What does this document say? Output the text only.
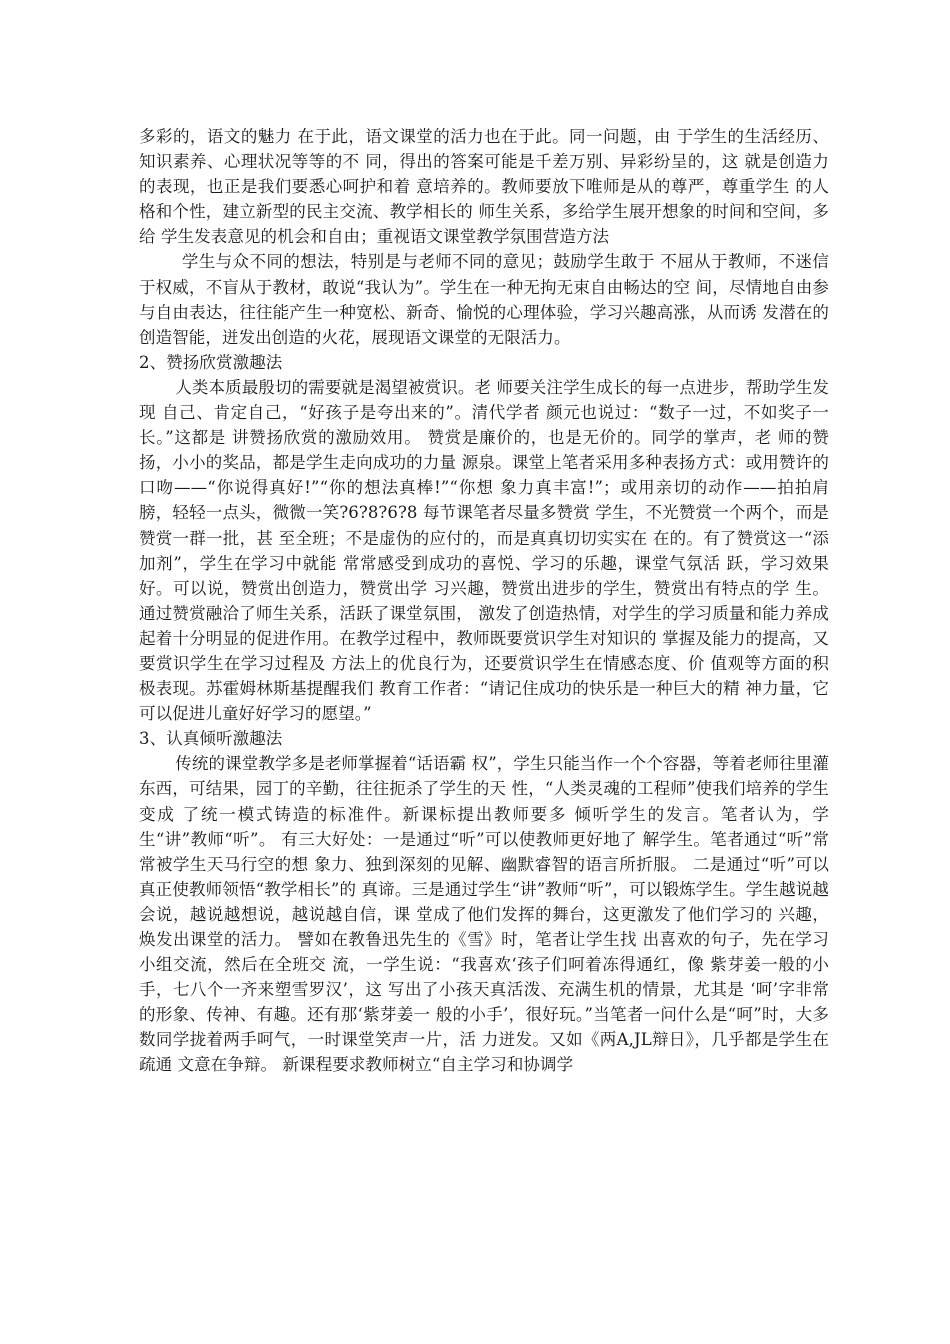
多彩的，语文的魅力 在于此，语文课堂的活力也在于此。同一问题，由 于学生的生活经历、知识素养、心理状况等等的不 同，得出的答案可能是千差万别、异彩纷呈的，这 就是创造力的表现，也正是我们要悉心呵护和着 意培养的。教师要放下唯师是从的尊严，尊重学生 的人格和个性，建立新型的民主交流、教学相长的 师生关系，多给学生展开想象的时间和空间，多给 学生发表意见的机会和自由；重视语文课堂教学氛围营造方法

学生与众不同的想法，特别是与老师不同的意见；鼓励学生敢于 不屈从于教师，不迷信于权威，不盲从于教材，敢说“我认为”。学生在一种无拘无束自由畅达的空 间，尽情地自由参与自由表达，往往能产生一种宽松、新奇、愉悦的心理体验，学习兴趣高涨，从而诱 发潜在的创造智能，迸发出创造的火花，展现语文课堂的无限活力。

2、赞扬欣赏激趣法

人类本质最殷切的需要就是渴望被赏识。老 师要关注学生成长的每一点进步，帮助学生发现 自己、肯定自己，“好孩子是夸出来的”。清代学者 颜元也说过：“数子一过，不如奖子一长。”这都是 讲赞扬欣赏的激励效用。 赞赏是廉价的，也是无价的。同学的掌声，老 师的赞扬，小小的奖品，都是学生走向成功的力量 源泉。课堂上笔者采用多种表扬方式：或用赞许的 口吻——“你说得真好!”“你的想法真棒!”“你想 象力真丰富!”；或用亲切的动作——拍拍肩膀，轻轻一点头，微微一笑?6?8?6?8 每节课笔者尽量多赞赏 学生，不光赞赏一个两个，而是赞赏一群一批，甚 至全班；不是虚伪的应付的，而是真真切切实实在 在的。有了赞赏这一“添加剂”，学生在学习中就能 常常感受到成功的喜悦、学习的乐趣，课堂气氛活 跃，学习效果好。可以说，赞赏出创造力，赞赏出学 习兴趣，赞赏出进步的学生，赞赏出有特点的学 生。通过赞赏融洽了师生关系，活跃了课堂氛围， 激发了创造热情，对学生的学习质量和能力养成 起着十分明显的促进作用。在教学过程中，教师既要赏识学生对知识的 掌握及能力的提高，又要赏识学生在学习过程及 方法上的优良行为，还要赏识学生在情感态度、价 值观等方面的积极表现。苏霍姆林斯基提醒我们 教育工作者：“请记住成功的快乐是一种巨大的精 神力量，它可以促进儿童好好学习的愿望。”

3、认真倾听激趣法

传统的课堂教学多是老师掌握着“话语霸 权”，学生只能当作一个个容器，等着老师往里灌 东西，可结果，园丁的辛勤，往往扼杀了学生的天 性，“人类灵魂的工程师”使我们培养的学生变成 了统一模式铸造的标准件。新课标提出教师要多 倾听学生的发言。笔者认为，学生“讲”教师“听”。 有三大好处：一是通过“听”可以使教师更好地了 解学生。笔者通过“听”常常被学生天马行空的想 象力、独到深刻的见解、幽默睿智的语言所折服。 二是通过“听”可以真正使教师领悟“教学相长”的 真谛。三是通过学生“讲”教师“听”，可以锻炼学生。学生越说越会说，越说越想说，越说越自信，课 堂成了他们发挥的舞台，这更激发了他们学习的 兴趣，焕发出课堂的活力。 譬如在教鲁迅先生的《雪》时，笔者让学生找 出喜欢的句子，先在学习小组交流，然后在全班交 流，一学生说：“我喜欢‘孩子们呵着冻得通红，像 紫芽姜一般的小手，七八个一齐来塑雪罗汉’，这 写出了小孩天真活泼、充满生机的情景，尤其是 ‘呵’字非常的形象、传神、有趣。还有那‘紫芽姜一 般的小手’，很好玩。”当笔者一问什么是“呵”时，大多数同学拢着两手呵气，一时课堂笑声一片，活 力迸发。又如《两A,JL辩日》，几乎都是学生在疏通 文意在争辩。 新课程要求教师树立“自主学习和协调学
